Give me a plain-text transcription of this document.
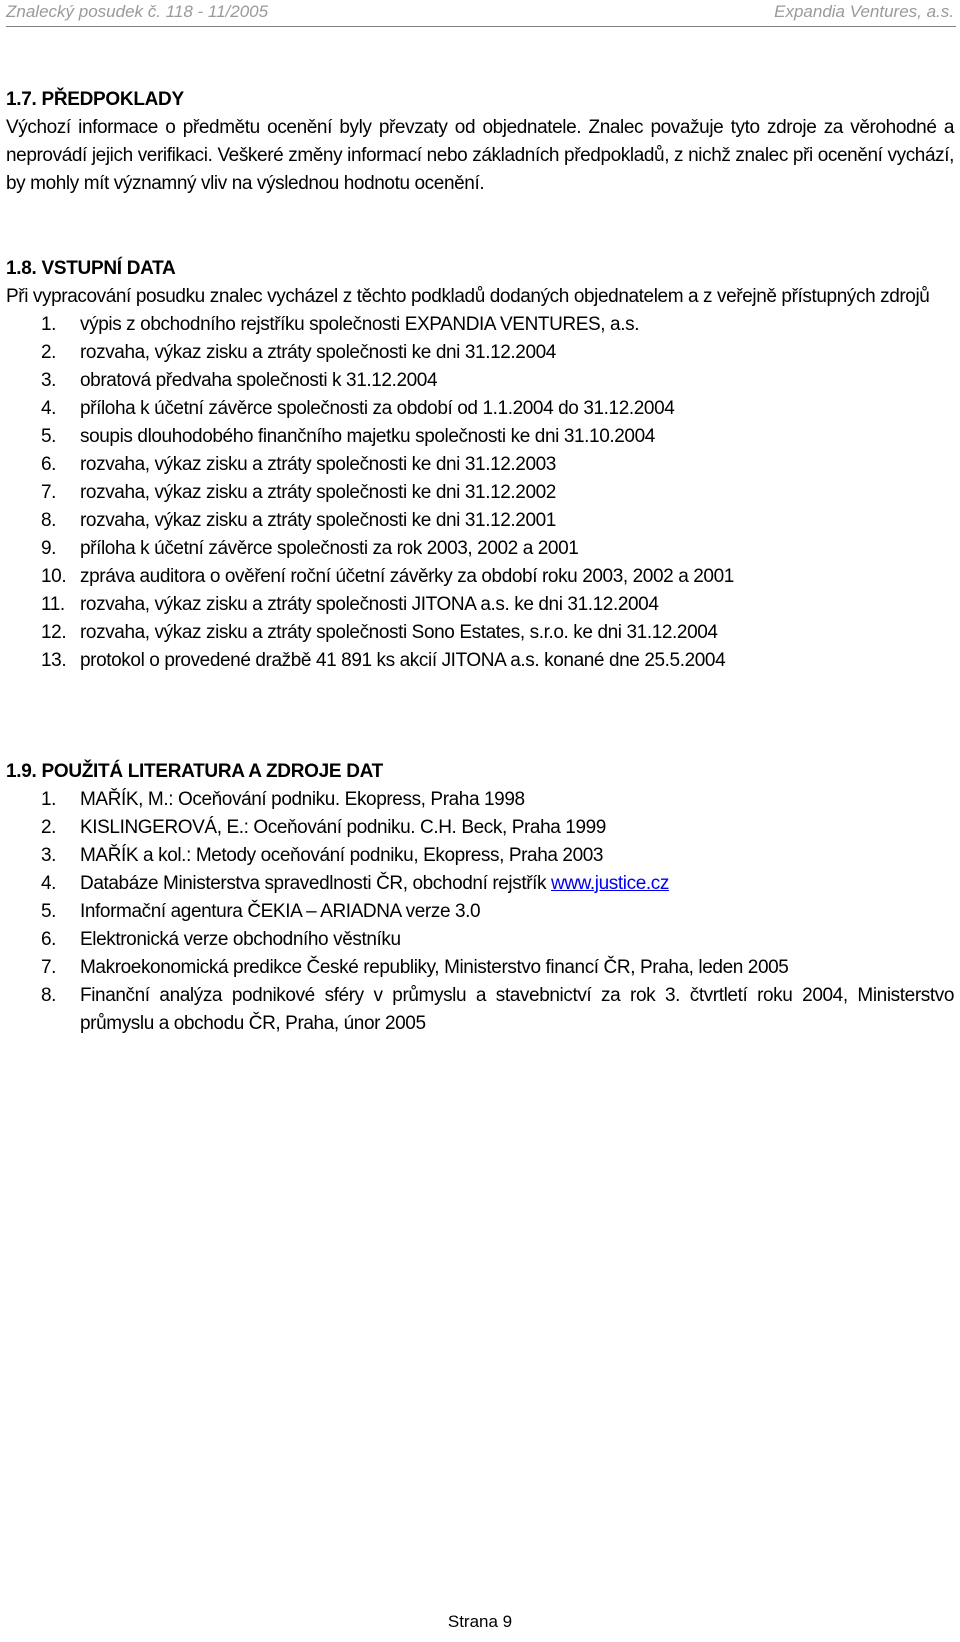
Znalecký posudek č. 118 - 11/2005	Expandia Ventures, a.s.

1.7. PŘEDPOKLADY

Výchozí informace o předmětu ocenění byly převzaty od objednatele. Znalec považuje tyto zdroje za věrohodné a neprovádí jejich verifikaci. Veškeré změny informací nebo základních předpokladů, z nichž znalec při ocenění vychází, by mohly mít významný vliv na výslednou hodnotu ocenění.

1.8. VSTUPNÍ DATA

Při vypracování posudku znalec vycházel z těchto podkladů dodaných objednatelem a z veřejně přístupných zdrojů

1. výpis z obchodního rejstříku společnosti EXPANDIA VENTURES, a.s.
2. rozvaha, výkaz zisku a ztráty společnosti ke dni 31.12.2004
3. obratová předvaha společnosti k 31.12.2004
4. příloha k účetní závěrce společnosti za období od 1.1.2004 do 31.12.2004
5. soupis dlouhodobého finančního majetku společnosti ke dni 31.10.2004
6. rozvaha, výkaz zisku a ztráty společnosti ke dni 31.12.2003
7. rozvaha, výkaz zisku a ztráty společnosti ke dni 31.12.2002
8. rozvaha, výkaz zisku a ztráty společnosti ke dni 31.12.2001
9. příloha k účetní závěrce společnosti za rok 2003, 2002 a 2001
10. zpráva auditora o ověření roční účetní závěrky za období roku 2003, 2002 a 2001
11. rozvaha, výkaz zisku a ztráty společnosti JITONA a.s. ke dni 31.12.2004
12. rozvaha, výkaz zisku a ztráty společnosti Sono Estates, s.r.o. ke dni 31.12.2004
13. protokol o provedené dražbě 41 891 ks akcií JITONA a.s. konané dne 25.5.2004

1.9. POUŽITÁ LITERATURA A ZDROJE DAT

1. MAŘÍK, M.: Oceňování podniku. Ekopress, Praha 1998
2. KISLINGEROVÁ, E.: Oceňování podniku. C.H. Beck, Praha 1999
3. MAŘÍK a kol.: Metody oceňování podniku, Ekopress, Praha 2003
4. Databáze Ministerstva spravedlnosti ČR, obchodní rejstřík www.justice.cz
5. Informační agentura ČEKIA – ARIADNA verze 3.0
6. Elektronická verze obchodního věstníku
7. Makroekonomická predikce České republiky, Ministerstvo financí ČR, Praha, leden 2005
8. Finanční analýza podnikové sféry v průmyslu a stavebnictví za rok 3. čtvrtletí roku 2004, Ministerstvo průmyslu a obchodu ČR, Praha, únor 2005
Strana 9
